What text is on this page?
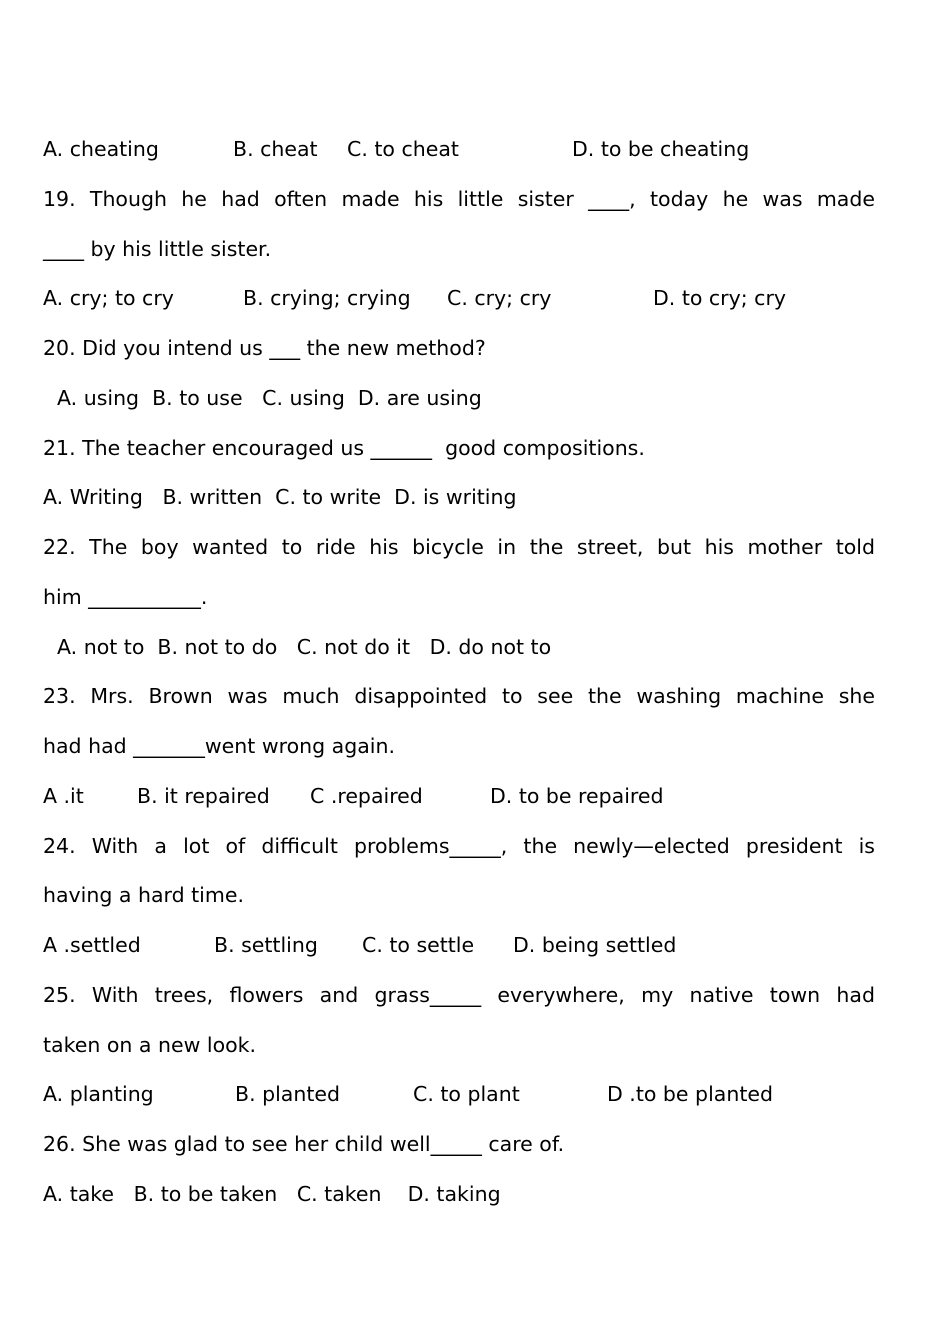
A. cheating	B. cheat C. to cheat	D. to be cheating
19. Though he had often made his little sister ____, today he was made
____ by his little sister.
A. cry; to cry	B. crying; crying C. cry; cry	D. to cry; cry
20. Did you intend us ___ the new method?
A. using  B. to use   C. using  D. are using
21. The teacher encouraged us ______  good compositions.
A. Writing   B. written  C. to write  D. is writing
22. The boy wanted to ride his bicycle in the street, but his mother told
him ___________.
A. not to  B. not to do   C. not do it   D. do not to
23. Mrs. Brown was much disappointed to see the washing machine she
had had _______went wrong again.
A .it	B. it repaired C .repaired	D. to be repaired
24. With a lot of difficult problems_____, the newly—elected president is
having a hard time.
A .settled	B. settling C. to settle D. being settled
25. With trees, flowers and grass_____ everywhere, my native town had
taken on a new look.
A. planting	B. planted	C. to plant	D .to be planted
26. She was glad to see her child well_____ care of.
A. take   B. to be taken   C. taken    D. taking
